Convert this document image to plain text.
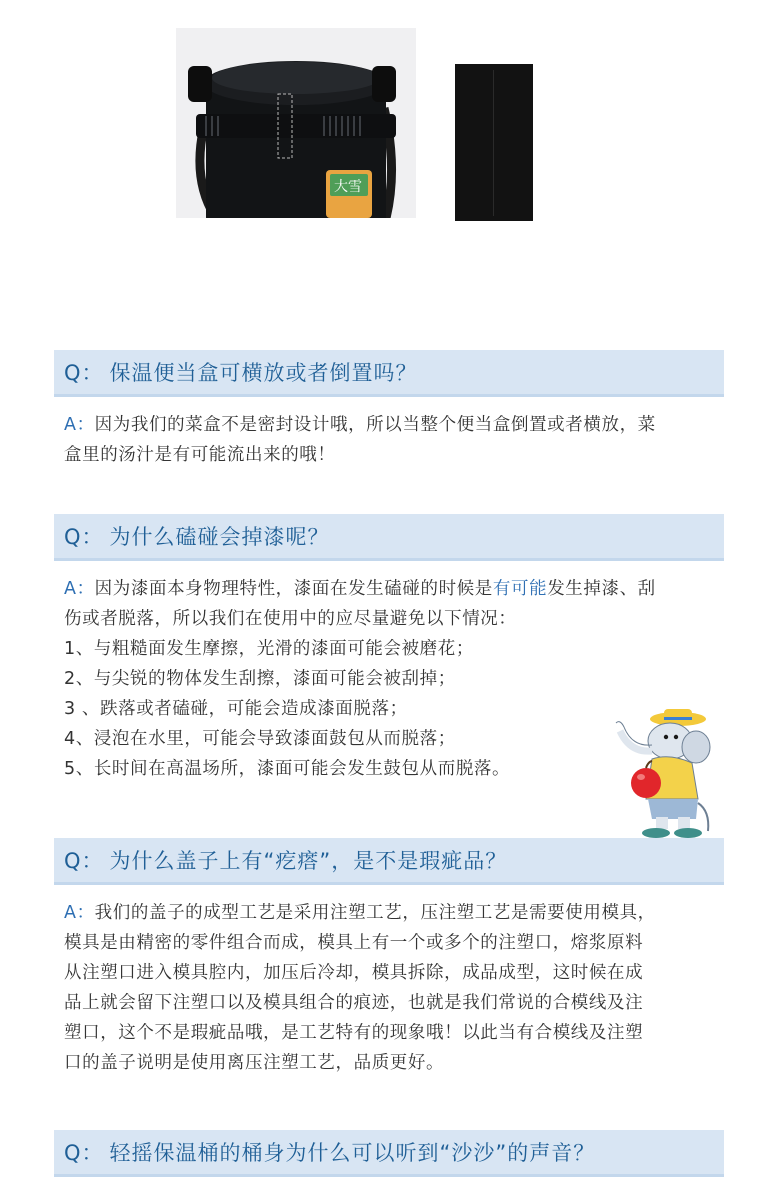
大雪
Q： 保温便当盒可横放或者倒置吗？

A：因为我们的菜盒不是密封设计哦，所以当整个便当盒倒置或者横放，菜

盒里的汤汁是有可能流出来的哦！

Q： 为什么磕碰会掉漆呢？

A：因为漆面本身物理特性，漆面在发生磕碰的时候是有可能发生掉漆、刮

伤或者脱落，所以我们在使用中的应尽量避免以下情况：

1、与粗糙面发生摩擦，光滑的漆面可能会被磨花；

2、与尖锐的物体发生刮擦，漆面可能会被刮掉；

3 、跌落或者磕碰，可能会造成漆面脱落；

4、浸泡在水里，可能会导致漆面鼓包从而脱落；

5、长时间在高温场所，漆面可能会发生鼓包从而脱落。

Q： 为什么盖子上有“疙瘩”，是不是瑕疵品？

A：我们的盖子的成型工艺是采用注塑工艺，压注塑工艺是需要使用模具，

模具是由精密的零件组合而成，模具上有一个或多个的注塑口，熔浆原料

从注塑口进入模具腔内，加压后冷却，模具拆除，成品成型，这时候在成

品上就会留下注塑口以及模具组合的痕迹，也就是我们常说的合模线及注

塑口，这个不是瑕疵品哦，是工艺特有的现象哦！以此当有合模线及注塑

口的盖子说明是使用离压注塑工艺，品质更好。

Q： 轻摇保温桶的桶身为什么可以听到“沙沙”的声音？
